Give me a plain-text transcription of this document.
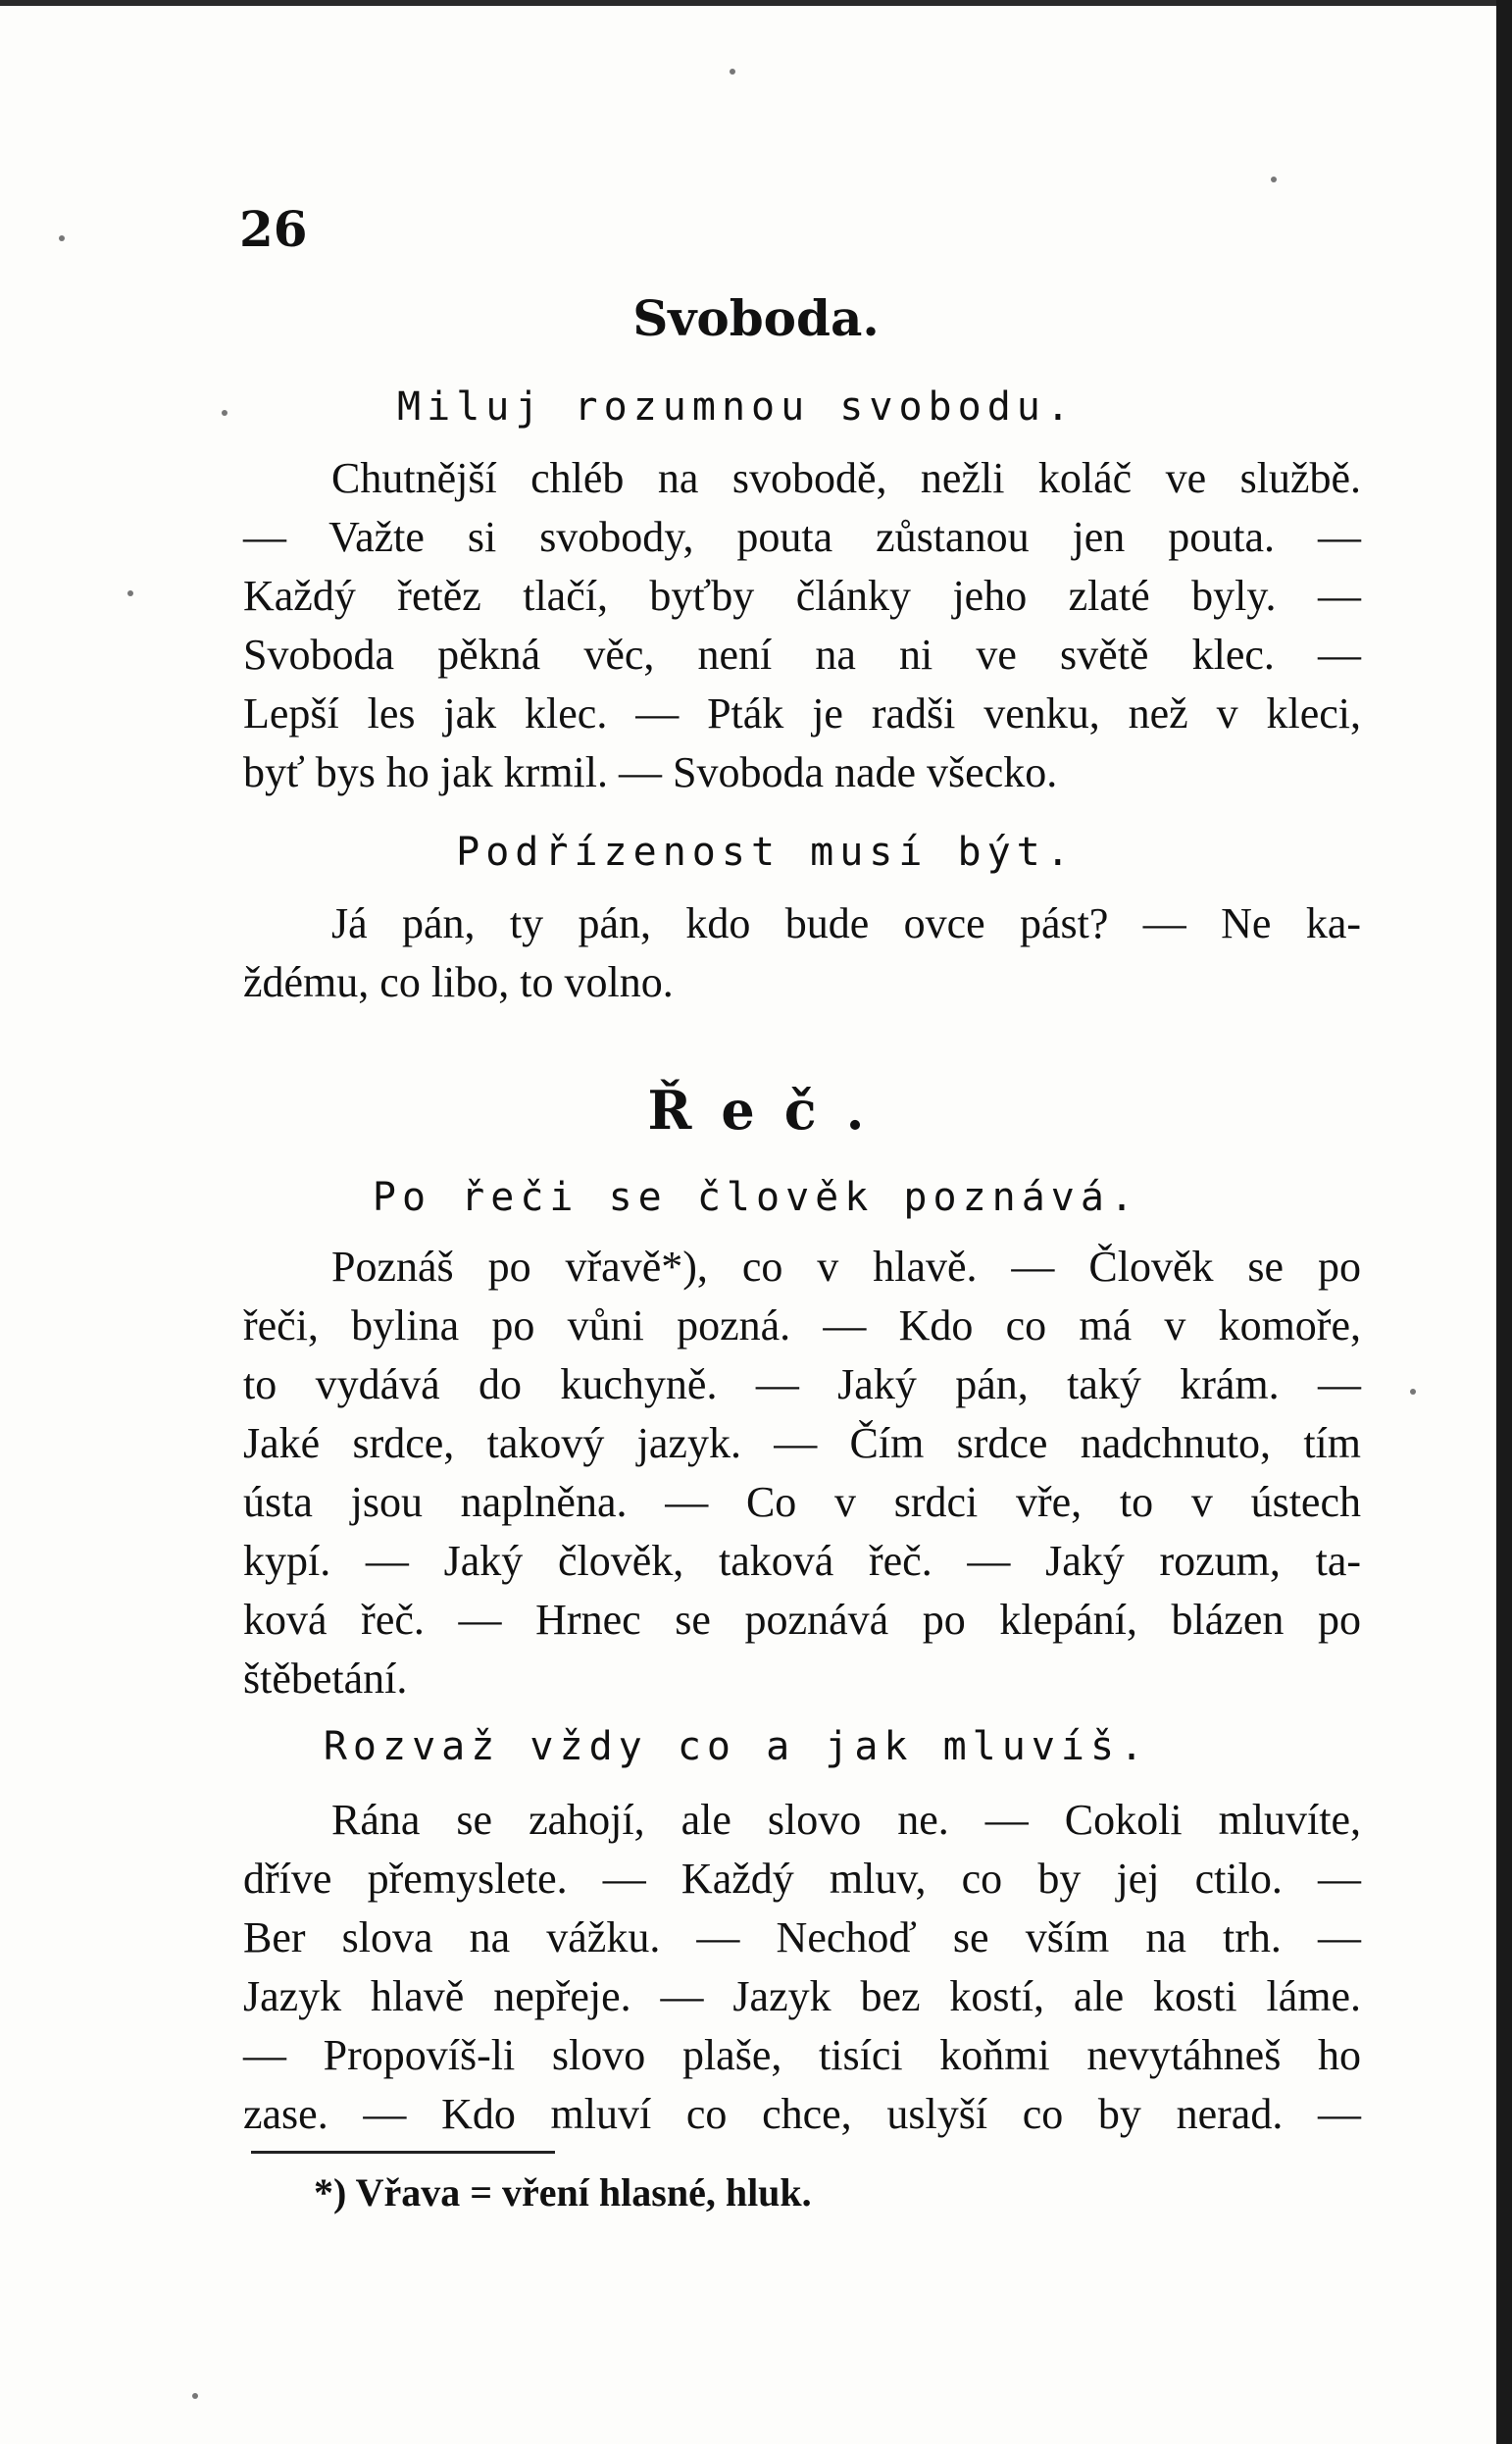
26
Svoboda.
Miluj rozumnou svobodu.
Chutnější chléb na svobodě, nežli koláč ve službě.
— Važte si svobody, pouta zůstanou jen pouta. —
Každý řetěz tlačí, byťby články jeho zlaté byly. —
Svoboda pěkná věc, není na ni ve světě klec. —
Lepší les jak klec. — Pták je radši venku, než v kleci,
byť bys ho jak krmil. — Svoboda nade všecko.
Podřízenost musí být.
Já pán, ty pán, kdo bude ovce pást? — Ne ka-
ždému, co libo, to volno.
Řeč.
Po řeči se člověk poznává.
Poznáš po vřavě*), co v hlavě. — Člověk se po
řeči, bylina po vůni pozná. — Kdo co má v komoře,
to vydává do kuchyně. — Jaký pán, taký krám. —
Jaké srdce, takový jazyk. — Čím srdce nadchnuto, tím
ústa jsou naplněna. — Co v srdci vře, to v ústech
kypí. — Jaký člověk, taková řeč. — Jaký rozum, ta-
ková řeč. — Hrnec se poznává po klepání, blázen po
štěbetání.
Rozvaž vždy co a jak mluvíš.
Rána se zahojí, ale slovo ne. — Cokoli mluvíte,
dříve přemyslete. — Každý mluv, co by jej ctilo. —
Ber slova na vážku. — Nechoď se vším na trh. —
Jazyk hlavě nepřeje. — Jazyk bez kostí, ale kosti láme.
— Propovíš-li slovo plaše, tisíci koňmi nevytáhneš ho
zase. — Kdo mluví co chce, uslyší co by nerad. —
*) Vřava = vření hlasné, hluk.
